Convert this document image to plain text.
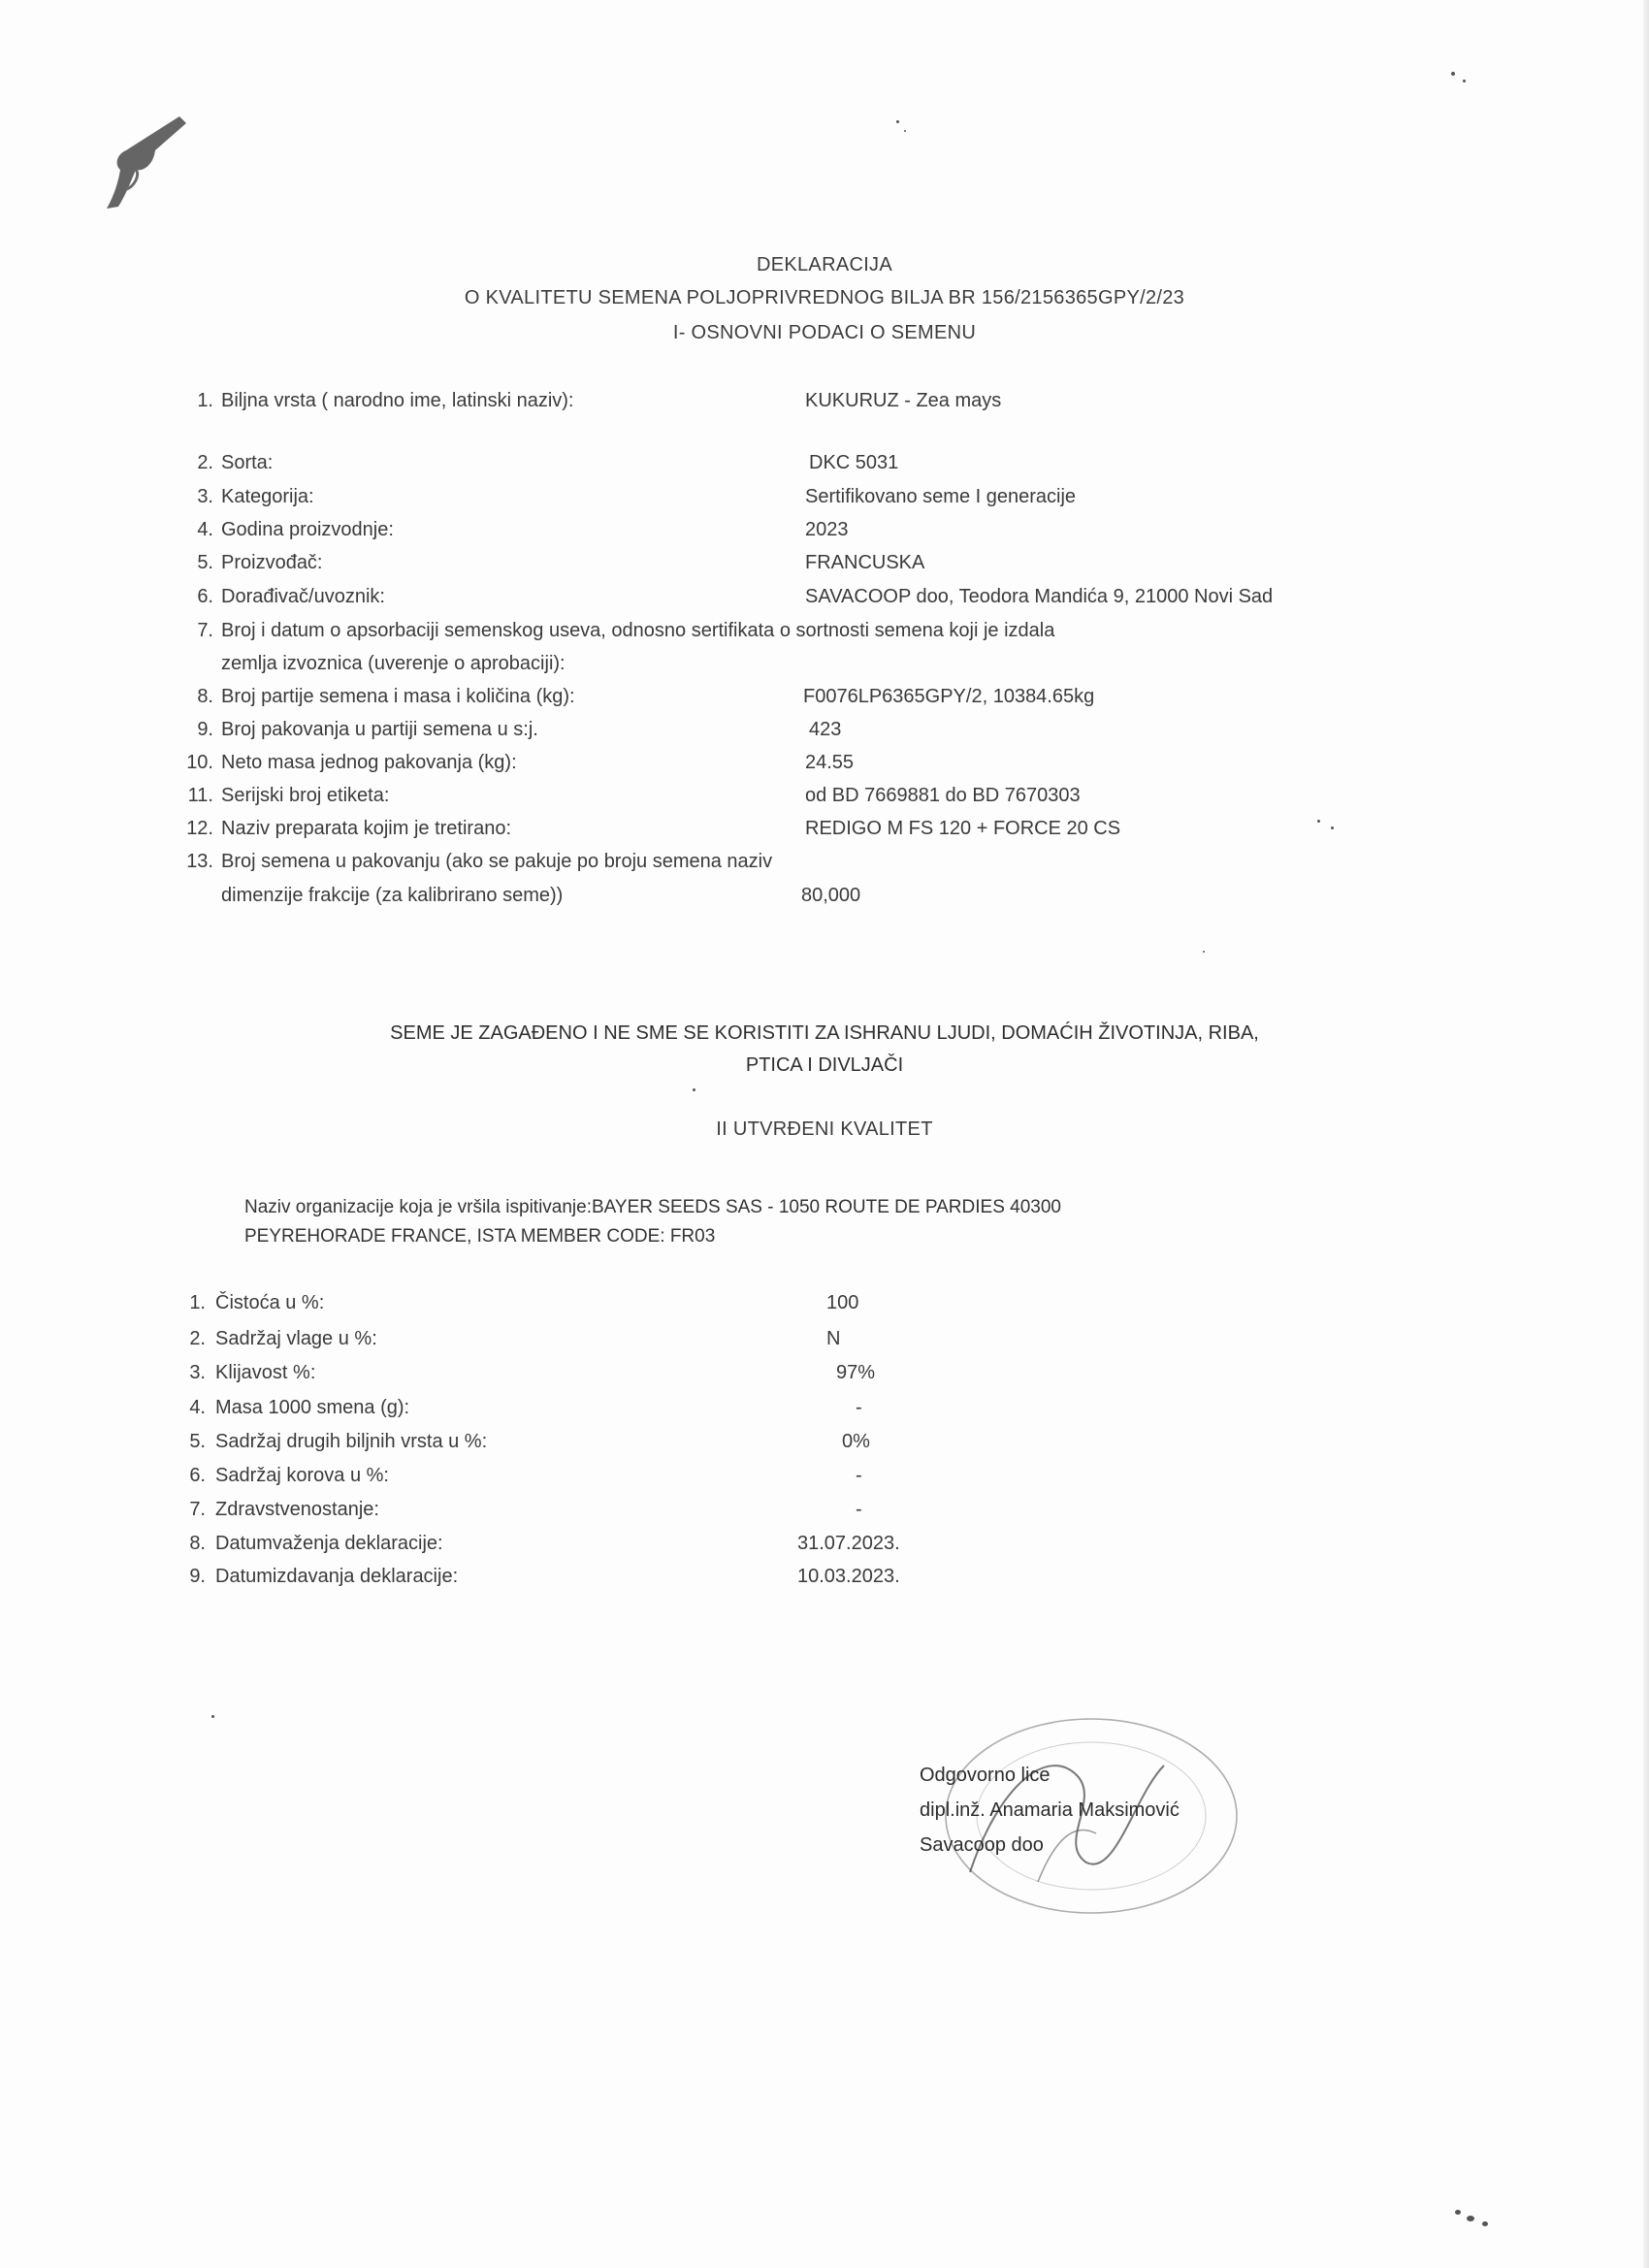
DEKLARACIJA
O KVALITETU SEMENA POLJOPRIVREDNOG BILJA BR 156/2156365GPY/2/23
I- OSNOVNI PODACI O SEMENU
1. Biljna vrsta ( narodno ime, latinski naziv):	KUKURUZ - Zea mays
2. Sorta:	DKC 5031
3. Kategorija:	Sertifikovano seme I generacije
4. Godina proizvodnje:	2023
5. Proizvođač:	FRANCUSKA
6. Dorađivač/uvoznik:	SAVACOOP doo, Teodora Mandića 9, 21000 Novi Sad
7. Broj i datum o apsorbaciji semenskog useva, odnosno sertifikata o sortnosti semena koji je izdala
zemlja izvoznica (uverenje o aprobaciji):
8. Broj partije semena i masa i količina (kg):	F0076LP6365GPY/2, 10384.65kg
9. Broj pakovanja u partiji semena u s:j.	423
10. Neto masa jednog pakovanja (kg):	24.55
11. Serijski broj etiketa:	od BD 7669881 do BD 7670303
12. Naziv preparata kojim je tretirano:	REDIGO M FS 120 + FORCE 20 CS
13. Broj semena u pakovanju (ako se pakuje po broju semena naziv
dimenzije frakcije (za kalibrirano seme))	80,000
SEME JE ZAGAĐENO I NE SME SE KORISTITI ZA ISHRANU LJUDI, DOMAĆIH ŽIVOTINJA, RIBA,
PTICA I DIVLJAČI
II UTVRĐENI KVALITET
Naziv organizacije koja je vršila ispitivanje:BAYER SEEDS SAS - 1050 ROUTE DE PARDIES 40300
PEYREHORADE FRANCE, ISTA MEMBER CODE: FR03
1. Čistoća u %:	100
2. Sadržaj vlage u %:	N
3. Klijavost %:	97%
4. Masa 1000 smena (g):	-
5. Sadržaj drugih biljnih vrsta u %:	0%
6. Sadržaj korova u %:	-
7. Zdravstvenostanje:	-
8. Datumvaženja deklaracije:	31.07.2023.
9. Datumizdavanja deklaracije:	10.03.2023.
Odgovorno lice
dipl.inž. Anamaria Maksimović
Savacoop doo
